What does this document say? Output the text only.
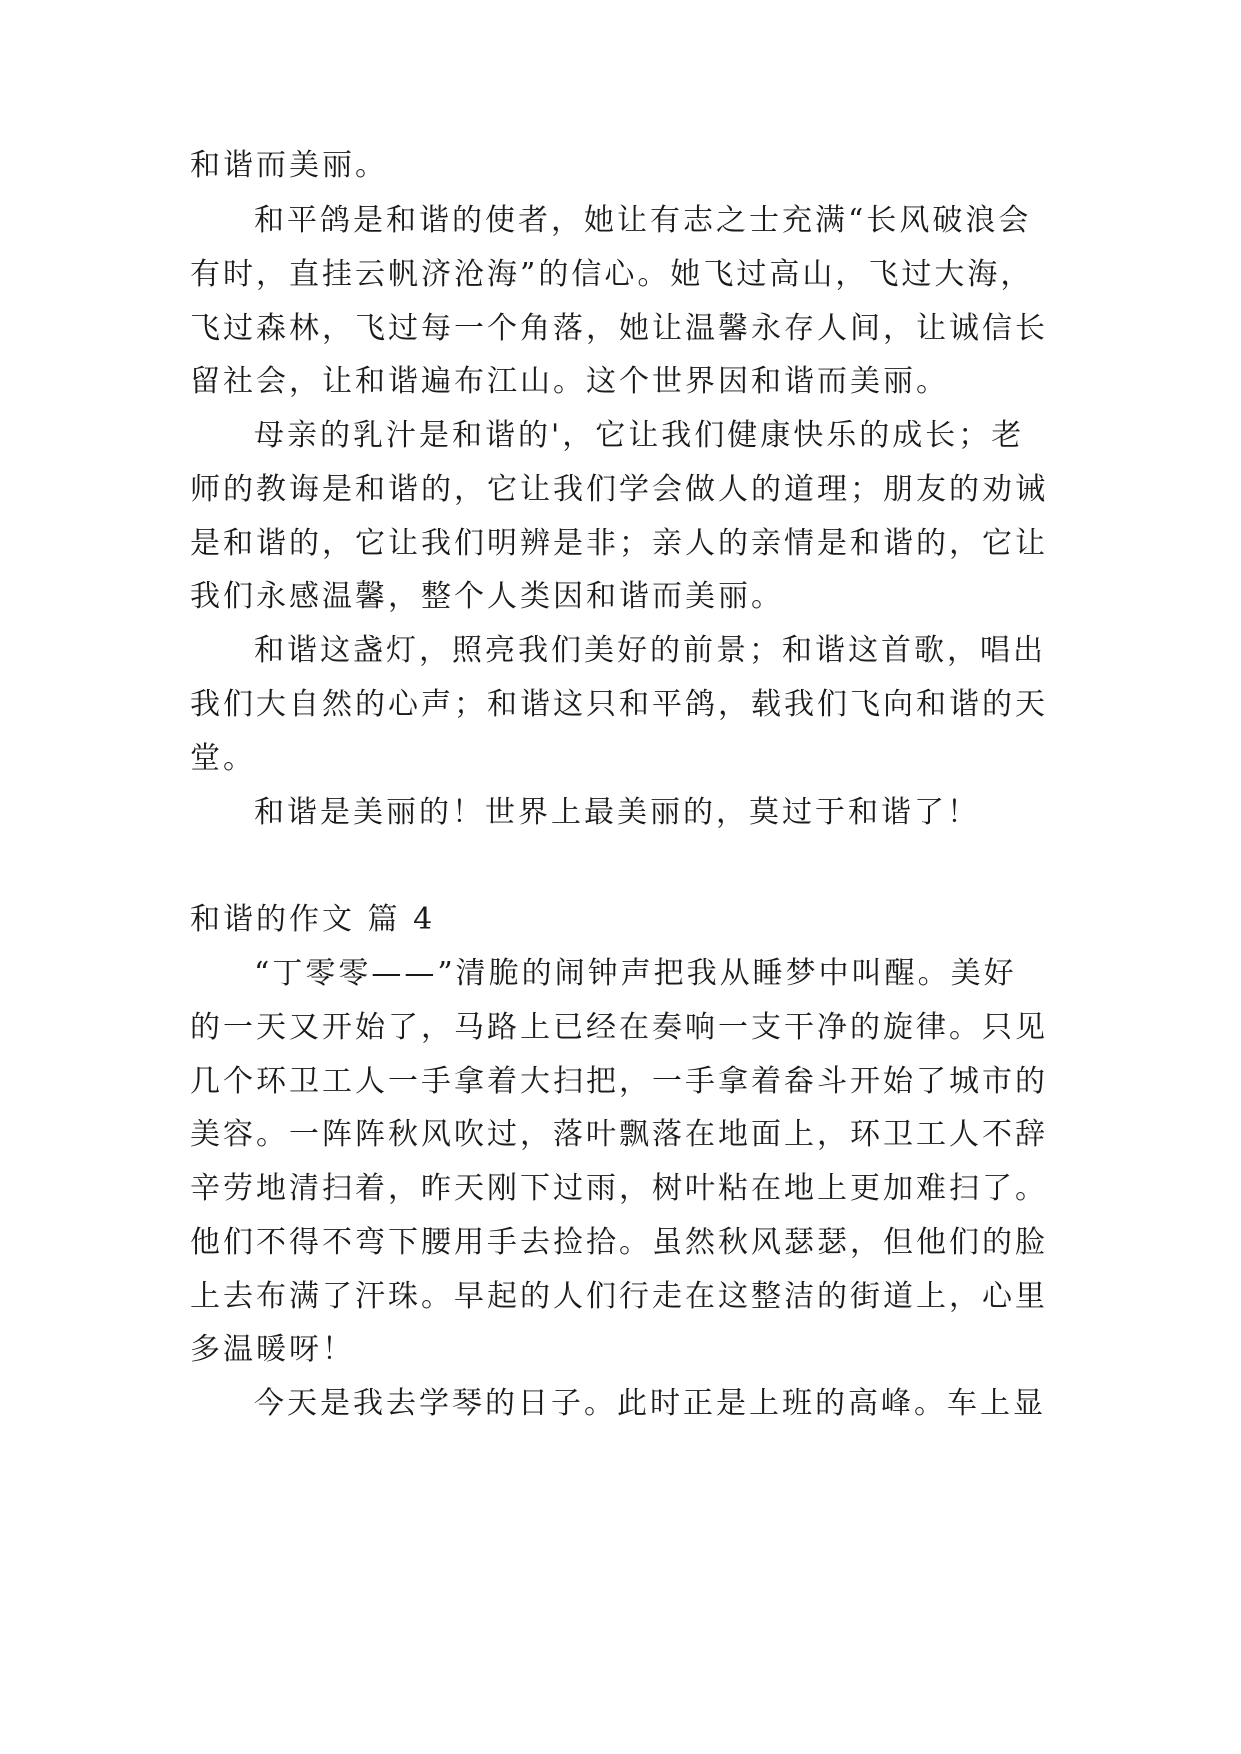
和谐而美丽。

和平鸽是和谐的使者，她让有志之士充满“长风破浪会

有时，直挂云帆济沧海”的信心。她飞过高山，飞过大海，

飞过森林，飞过每一个角落，她让温馨永存人间，让诚信长

留社会，让和谐遍布江山。这个世界因和谐而美丽。

母亲的乳汁是和谐的'，它让我们健康快乐的成长；老

师的教诲是和谐的，它让我们学会做人的道理；朋友的劝诫

是和谐的，它让我们明辨是非；亲人的亲情是和谐的，它让

我们永感温馨，整个人类因和谐而美丽。

和谐这盏灯，照亮我们美好的前景；和谐这首歌，唱出

我们大自然的心声；和谐这只和平鸽，载我们飞向和谐的天

堂。

和谐是美丽的！世界上最美丽的，莫过于和谐了！

和谐的作文 篇 4

“丁零零——”清脆的闹钟声把我从睡梦中叫醒。美好

的一天又开始了，马路上已经在奏响一支干净的旋律。只见

几个环卫工人一手拿着大扫把，一手拿着畚斗开始了城市的

美容。一阵阵秋风吹过，落叶飘落在地面上，环卫工人不辞

辛劳地清扫着，昨天刚下过雨，树叶粘在地上更加难扫了。

他们不得不弯下腰用手去捡拾。虽然秋风瑟瑟，但他们的脸

上去布满了汗珠。早起的人们行走在这整洁的街道上，心里

多温暖呀！

今天是我去学琴的日子。此时正是上班的高峰。车上显
